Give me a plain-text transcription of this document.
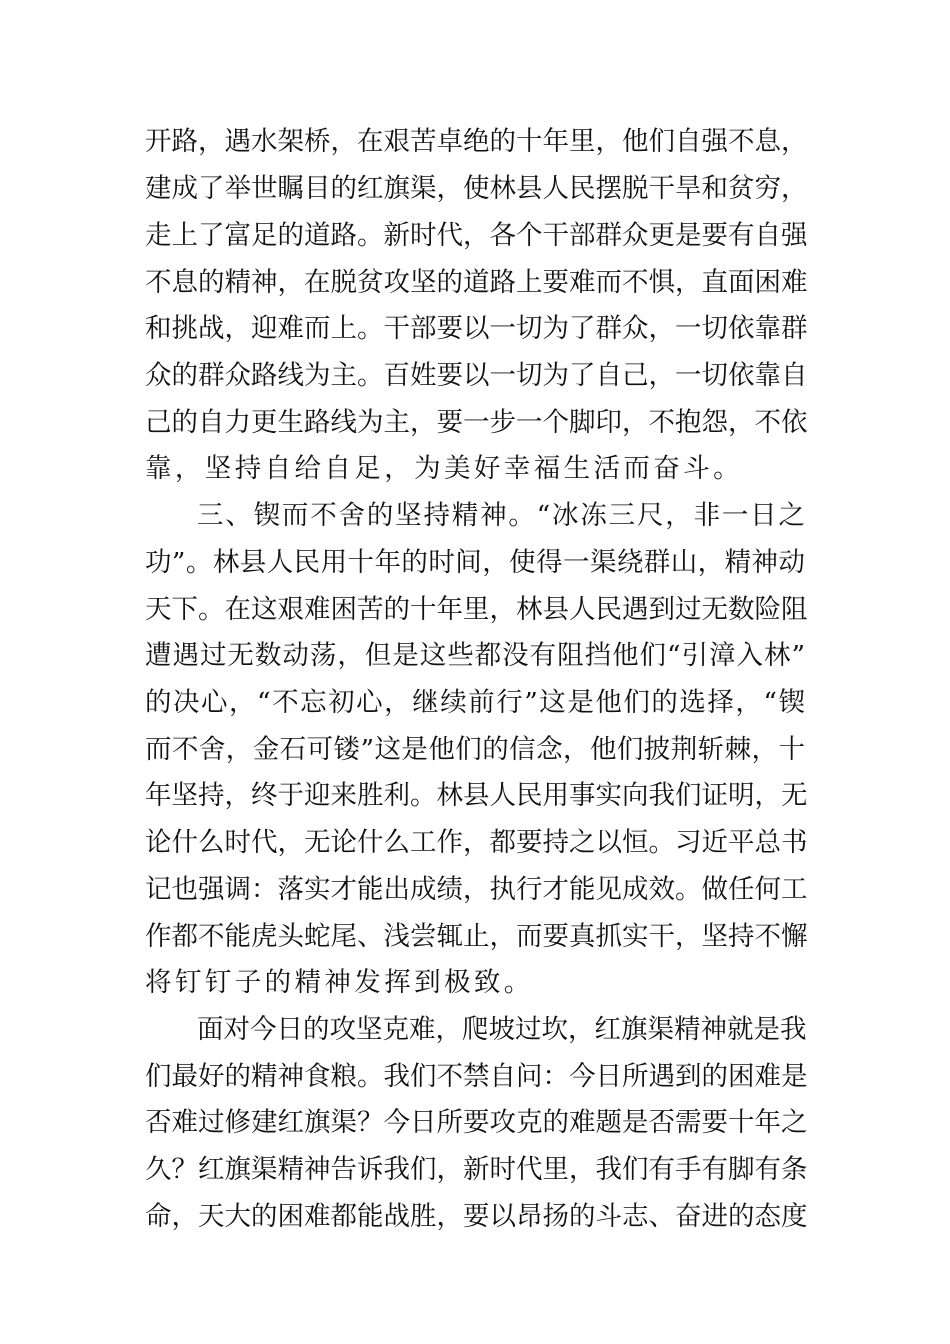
开路，遇水架桥，在艰苦卓绝的十年里，他们自强不息，
建成了举世瞩目的红旗渠，使林县人民摆脱干旱和贫穷，
走上了富足的道路。新时代，各个干部群众更是要有自强
不息的精神，在脱贫攻坚的道路上要难而不惧，直面困难
和挑战，迎难而上。干部要以一切为了群众，一切依靠群
众的群众路线为主。百姓要以一切为了自己，一切依靠自
己的自力更生路线为主，要一步一个脚印，不抱怨，不依
靠，坚持自给自足，为美好幸福生活而奋斗。
三、锲而不舍的坚持精神。“冰冻三尺，非一日之
功”。林县人民用十年的时间，使得一渠绕群山，精神动
天下。在这艰难困苦的十年里，林县人民遇到过无数险阻
遭遇过无数动荡，但是这些都没有阻挡他们“引漳入林”
的决心，“不忘初心，继续前行”这是他们的选择，“锲
而不舍，金石可镂”这是他们的信念，他们披荆斩棘，十
年坚持，终于迎来胜利。林县人民用事实向我们证明，无
论什么时代，无论什么工作，都要持之以恒。习近平总书
记也强调：落实才能出成绩，执行才能见成效。做任何工
作都不能虎头蛇尾、浅尝辄止，而要真抓实干，坚持不懈
将钉钉子的精神发挥到极致。
面对今日的攻坚克难，爬坡过坎，红旗渠精神就是我
们最好的精神食粮。我们不禁自问：今日所遇到的困难是
否难过修建红旗渠？今日所要攻克的难题是否需要十年之
久？红旗渠精神告诉我们，新时代里，我们有手有脚有条
命，天大的困难都能战胜，要以昂扬的斗志、奋进的态度
